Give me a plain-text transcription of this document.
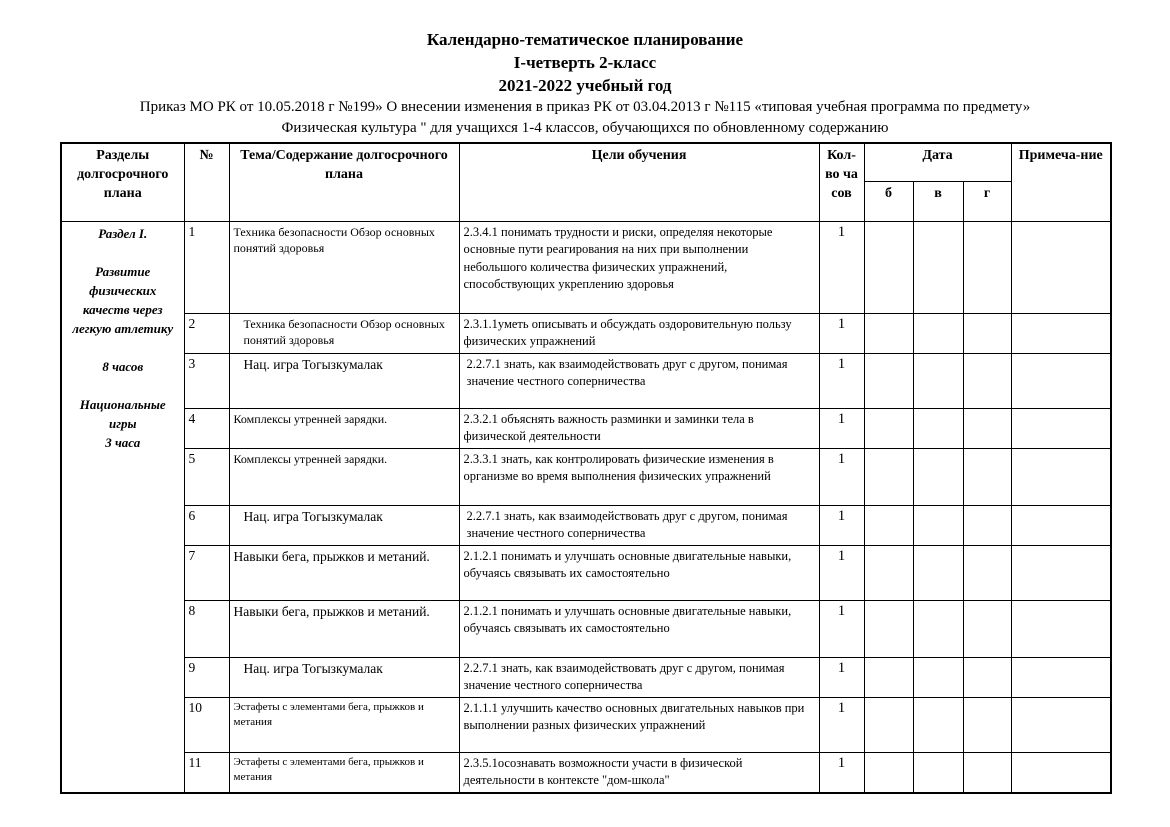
Календарно-тематическое планирование
I-четверть 2-класс
2021-2022 учебный год
Приказ МО РК от 10.05.2018 г №199» О внесении изменения в приказ РК от 03.04.2013 г №115 «типовая учебная программа по предмету»
Физическая культура " для учащихся 1-4 классов, обучающихся по обновленному содержанию
Разделы долгосрочного плана	№	Тема/Содержание долгосрочного плана	Цели обучения	Кол-во часов	Дата			Примеча-ние
					б	в	г	

Раздел I.
Развитие физических качеств через легкую атлетику
8 часов
Национальные игры
3 часа	1	Техника безопасности Обзор основных понятий здоровья	2.3.4.1 понимать трудности и риски, определяя некоторые основные пути реагирования на них при выполнении небольшого количества физических упражнений, способствующих укреплению здоровья	1				
	2	Техника безопасности Обзор основных понятий здоровья	2.3.1.1уметь описывать и обсуждать оздоровительную пользу физических упражнений	1				
	3	Нац. игра Тогызкумалак	2.2.7.1 знать, как взаимодействовать друг с другом, понимая значение честного соперничества	1				
	4	Комплексы утренней зарядки.	2.3.2.1 объяснять важность разминки и заминки тела в физической деятельности	1				
	5	Комплексы утренней зарядки.	2.3.3.1 знать, как контролировать физические изменения в организме во время выполнения физических упражнений	1				
	6	Нац. игра Тогызкумалак	2.2.7.1 знать, как взаимодействовать друг с другом, понимая значение честного соперничества	1				
	7	Навыки бега, прыжков и метаний.	2.1.2.1 понимать и улучшать основные двигательные навыки, обучаясь связывать их самостоятельно	1				
	8	Навыки бега, прыжков и метаний.	2.1.2.1 понимать и улучшать основные двигательные навыки, обучаясь связывать их самостоятельно	1				
	9	Нац. игра Тогызкумалак	2.2.7.1 знать, как взаимодействовать друг с другом, понимая значение честного соперничества	1				
	10	Эстафеты с элементами бега, прыжков и метания	2.1.1.1 улучшить качество основных двигательных навыков при выполнении разных физических упражнений	1				
	11	Эстафеты с элементами бега, прыжков и метания	2.3.5.1осознавать возможности участи в физической деятельности в контексте "дом-школа"	1				
